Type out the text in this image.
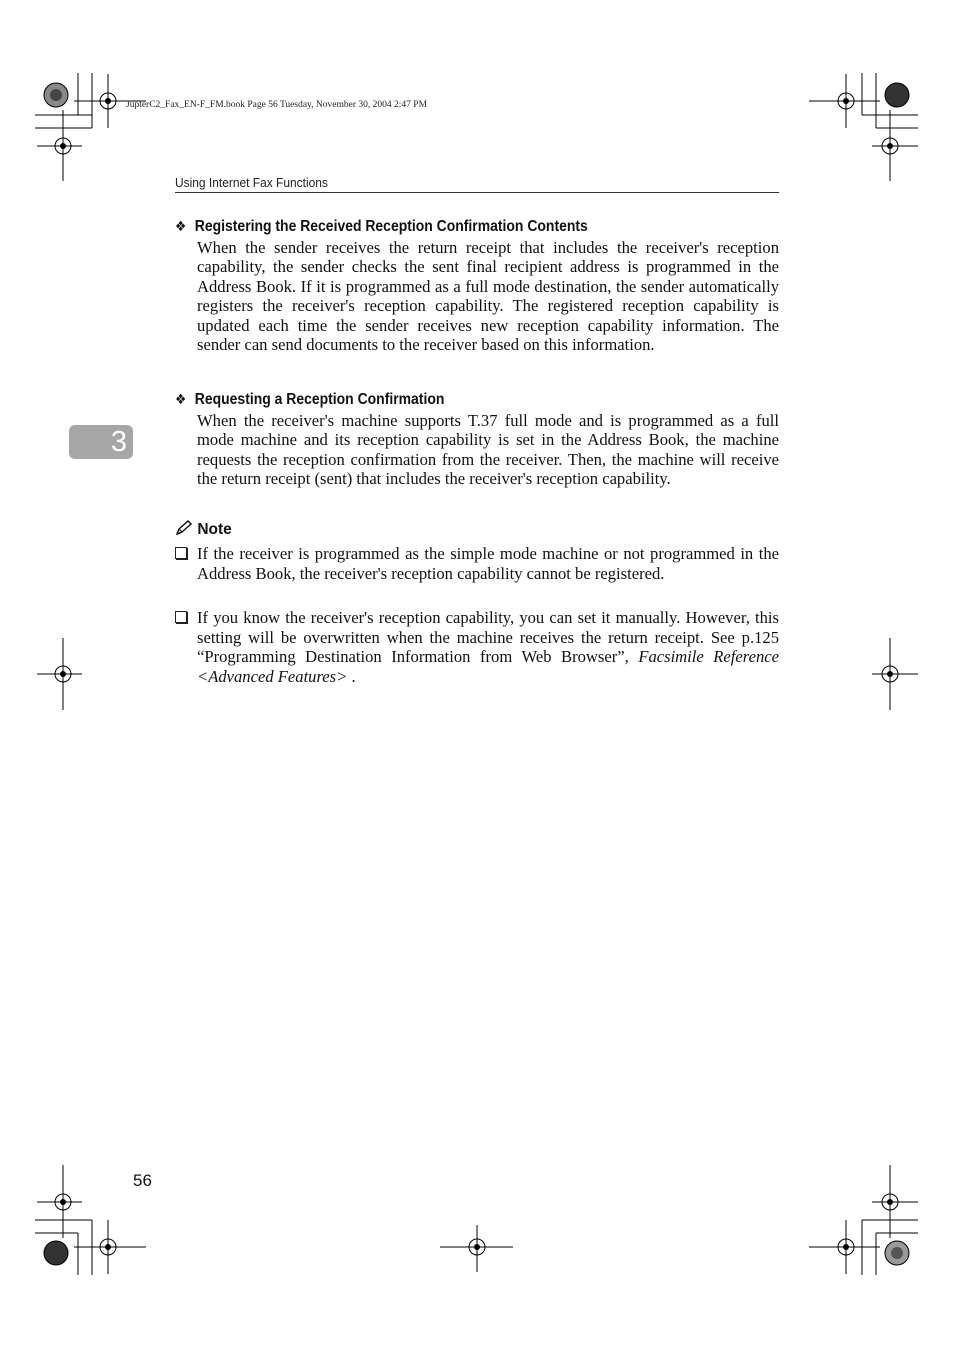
JupterC2_Fax_EN-F_FM.book Page 56 Tuesday, November 30, 2004 2:47 PM
Using Internet Fax Functions
3
❖ Registering the Received Reception Confirmation Contents
When the sender receives the return receipt that includes the receiver's reception capability, the sender checks the sent final recipient address is programmed in the Address Book. If it is programmed as a full mode destination, the sender automatically registers the receiver's reception capability. The registered reception capability is updated each time the sender receives new reception capability information. The sender can send documents to the receiver based on this information.
❖ Requesting a Reception Confirmation
When the receiver's machine supports T.37 full mode and is programmed as a full mode machine and its reception capability is set in the Address Book, the machine requests the reception confirmation from the receiver. Then, the machine will receive the return receipt (sent) that includes the receiver's reception capability.
Note
If the receiver is programmed as the simple mode machine or not programmed in the Address Book, the receiver's reception capability cannot be registered.
If you know the receiver's reception capability, you can set it manually. However, this setting will be overwritten when the machine receives the return receipt. See p.125 “Programming Destination Information from Web Browser”, Facsimile Reference <Advanced Features> .
56
